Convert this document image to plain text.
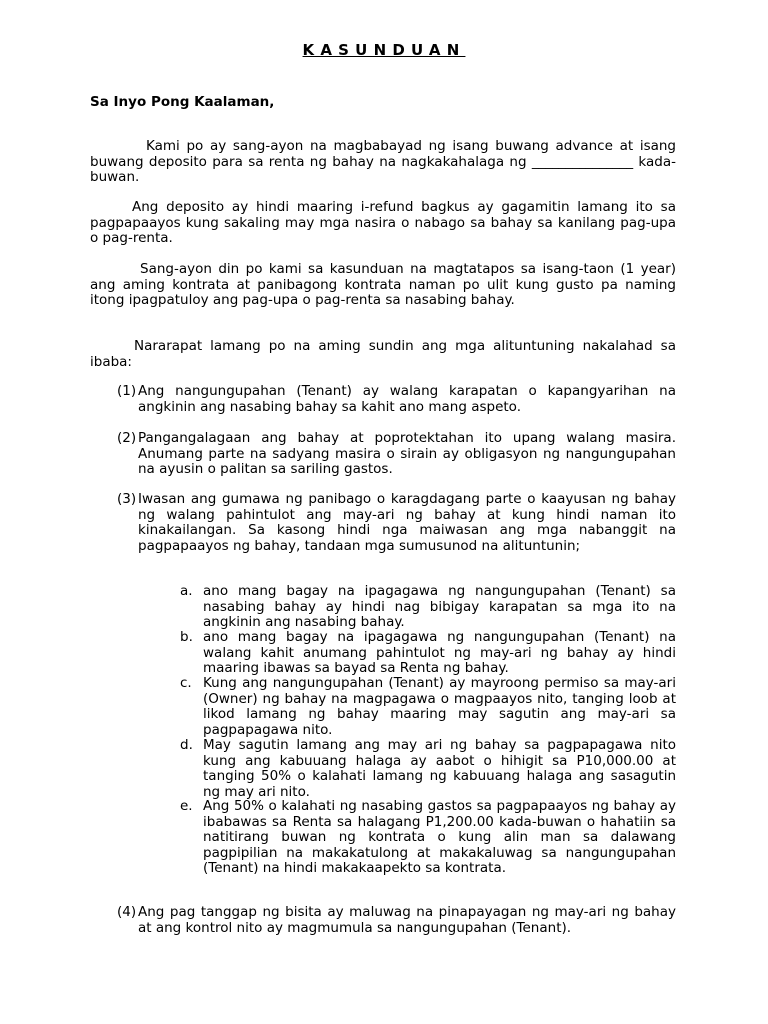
KASUNDUAN
Sa Inyo Pong Kaalaman,
Kami po ay sang-ayon na magbabayad ng isang buwang advance at isang buwang deposito para sa renta ng bahay na nagkakahalaga ng _______________ kada-buwan.
Ang deposito ay hindi maaring i-refund bagkus ay gagamitin lamang ito sa pagpapaayos kung sakaling may mga nasira o nabago sa bahay sa kanilang pag-upa o pag-renta.
Sang-ayon din po kami sa kasunduan na magtatapos sa isang-taon (1 year) ang aming kontrata at panibagong kontrata naman po ulit kung gusto pa naming itong ipagpatuloy ang pag-upa o pag-renta sa nasabing bahay.
Nararapat lamang po na aming sundin ang mga alituntuning nakalahad sa ibaba:
(1) Ang nangungupahan (Tenant) ay walang karapatan o kapangyarihan na angkinin ang nasabing bahay sa kahit ano mang aspeto.
(2) Pangangalagaan ang bahay at poprotektahan ito upang walang masira. Anumang parte na sadyang masira o sirain ay obligasyon ng nangungupahan na ayusin o palitan sa sariling gastos.
(3) Iwasan ang gumawa ng panibago o karagdagang parte o kaayusan ng bahay ng walang pahintulot ang may-ari ng bahay at kung hindi naman ito kinakailangan. Sa kasong hindi nga maiwasan ang mga nabanggit na pagpapaayos ng bahay, tandaan mga sumusunod na alituntunin;
a. ano mang bagay na ipagagawa ng nangungupahan (Tenant) sa nasabing bahay ay hindi nag bibigay karapatan sa mga ito na angkinin ang nasabing bahay.
b. ano mang bagay na ipagagawa ng nangungupahan (Tenant) na walang kahit anumang pahintulot ng may-ari ng bahay ay hindi maaring ibawas sa bayad sa Renta ng bahay.
c. Kung ang nangungupahan (Tenant) ay mayroong permiso sa may-ari (Owner) ng bahay na magpagawa o magpaayos nito, tanging loob at likod lamang ng bahay maaring may sagutin ang may-ari sa pagpapagawa nito.
d. May sagutin lamang ang may ari ng bahay sa pagpapagawa nito kung ang kabuuang halaga ay aabot o hihigit sa P10,000.00 at tanging 50% o kalahati lamang ng kabuuang halaga ang sasagutin ng may ari nito.
e. Ang 50% o kalahati ng nasabing gastos sa pagpapaayos ng bahay ay ibabawas sa Renta sa halagang P1,200.00 kada-buwan o hahatiin sa natitirang buwan ng kontrata o kung alin man sa dalawang pagpipilian na makakatulong at makakaluwag sa nangungupahan (Tenant) na hindi makakaapekto sa kontrata.
(4) Ang pag tanggap ng bisita ay maluwag na pinapayagan ng may-ari ng bahay at ang kontrol nito ay magmumula sa nangungupahan (Tenant).
